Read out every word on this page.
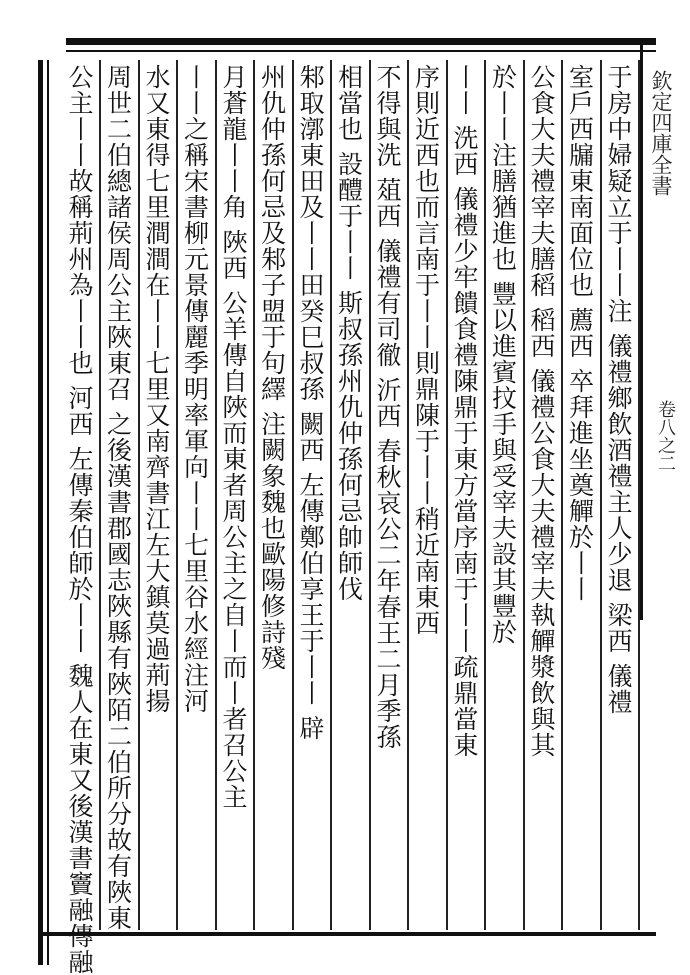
欽定四庫全書
卷八之二
于房中婦疑立于丨丨注 儀禮鄉飲酒禮主人少退 梁西 儀禮
室戶西牖東南面位也 薦西 卒拜進坐奠觶於丨丨
公食大夫禮宰夫膳稻 稻西 儀禮公食大夫禮宰夫執觶漿飲與其
於丨丨注膳猶進也 豐以進賓抆手與受宰夫設其豐於
丨丨 洗西 儀禮少牢饋食禮陳鼎于東方當序南于丨丨疏鼎當東
序則近西也而言南于丨丨則鼎陳于丨丨稍近南東西
不得與洗 葅西 儀禮有司徹 沂西 春秋哀公二年春王二月季孫
相當也 設醴于丨丨 斯叔孫州仇仲孫何忌帥師伐
邾取漷東田及丨丨田癸巳叔孫 闕西 左傳鄭伯享王于丨丨 辟
州仇仲孫何忌及邾子盟于句繹 注闕象魏也歐陽修詩殘
月蒼龍丨丨角 陜西 公羊傳自陜而東者周公主之自丨而丨者召公主
丨丨之稱宋書柳元景傳麗季明率軍向丨丨七里谷水經注河
水又東得七里澗澗在丨丨七里又南齊書江左大鎮莫過荊揚
周世二伯總諸侯周公主陜東召 之後漢書郡國志陜縣有陜陌二伯所分故有陜東
公主丨丨故稱荊州為丨丨也 河西 左傳秦伯師於丨丨 魏人在東又後漢書竇融傳融
